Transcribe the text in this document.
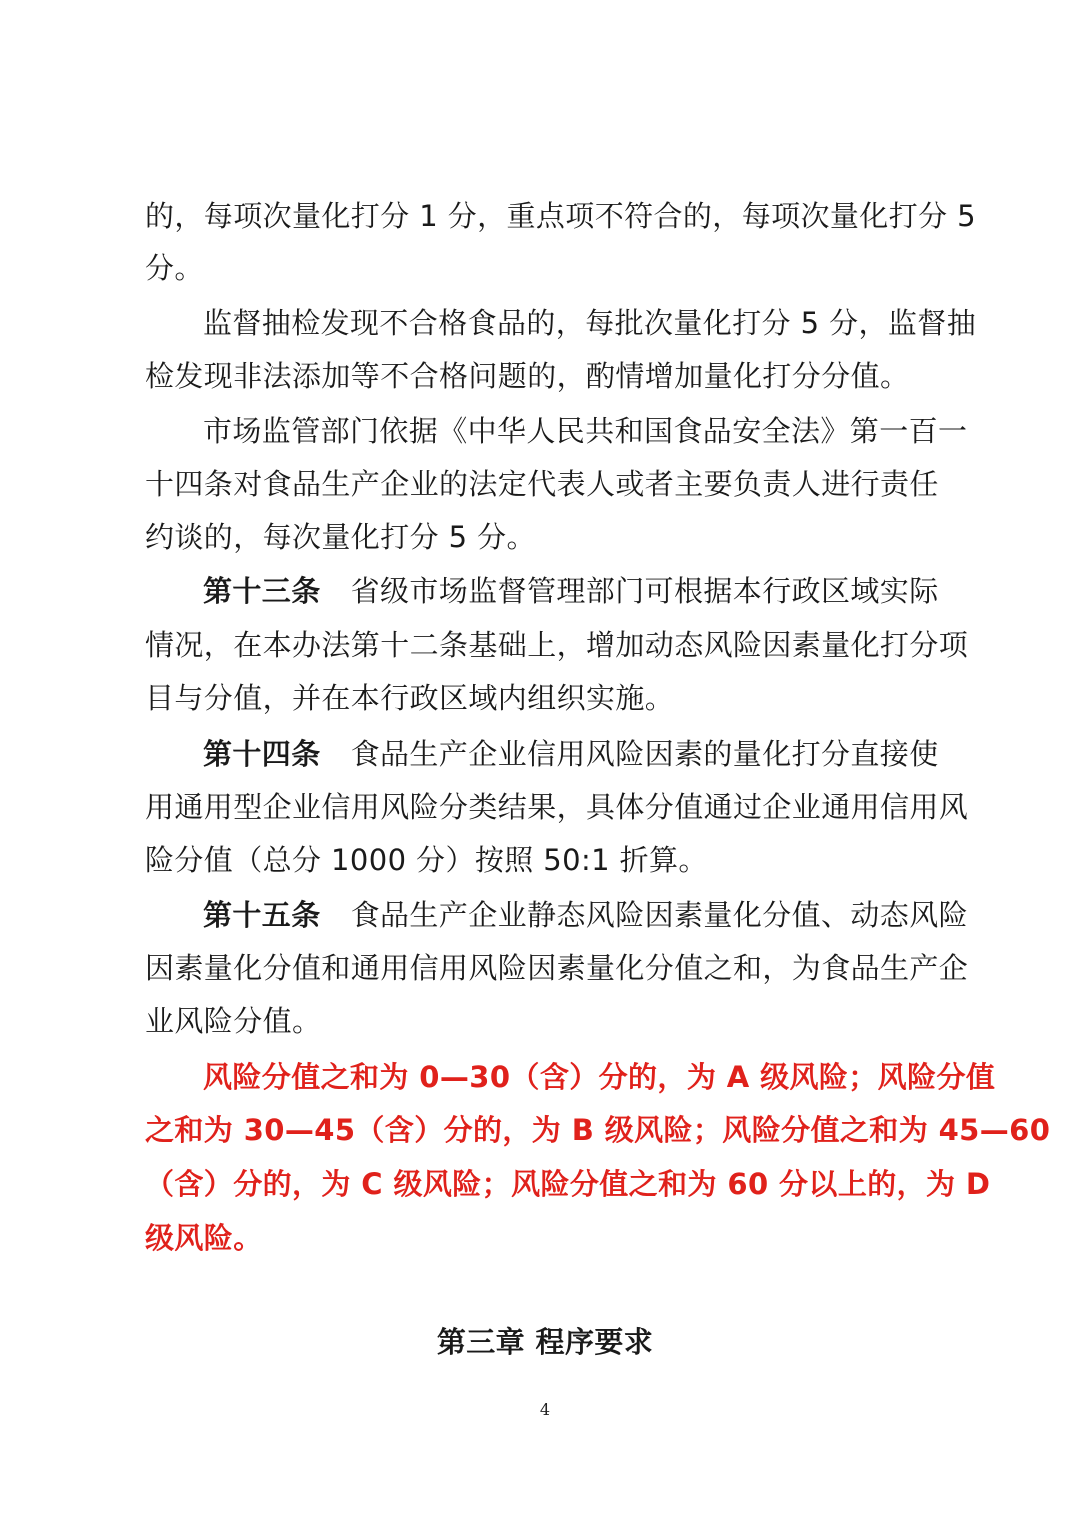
的，每项次量化打分 1 分，重点项不符合的，每项次量化打分 5
分。
监督抽检发现不合格食品的，每批次量化打分 5 分，监督抽
检发现非法添加等不合格问题的，酌情增加量化打分分值。
市场监管部门依据《中华人民共和国食品安全法》第一百一
十四条对食品生产企业的法定代表人或者主要负责人进行责任
约谈的，每次量化打分 5 分。
第十三条 省级市场监督管理部门可根据本行政区域实际
情况，在本办法第十二条基础上，增加动态风险因素量化打分项
目与分值，并在本行政区域内组织实施。
第十四条 食品生产企业信用风险因素的量化打分直接使
用通用型企业信用风险分类结果，具体分值通过企业通用信用风
险分值（总分 1000 分）按照 50:1 折算。
第十五条 食品生产企业静态风险因素量化分值、动态风险
因素量化分值和通用信用风险因素量化分值之和，为食品生产企
业风险分值。
风险分值之和为 0—30（含）分的，为 A 级风险；风险分值
之和为 30—45（含）分的，为 B 级风险；风险分值之和为 45—60
（含）分的，为 C 级风险；风险分值之和为 60 分以上的，为 D
级风险。
第三章 程序要求
4
